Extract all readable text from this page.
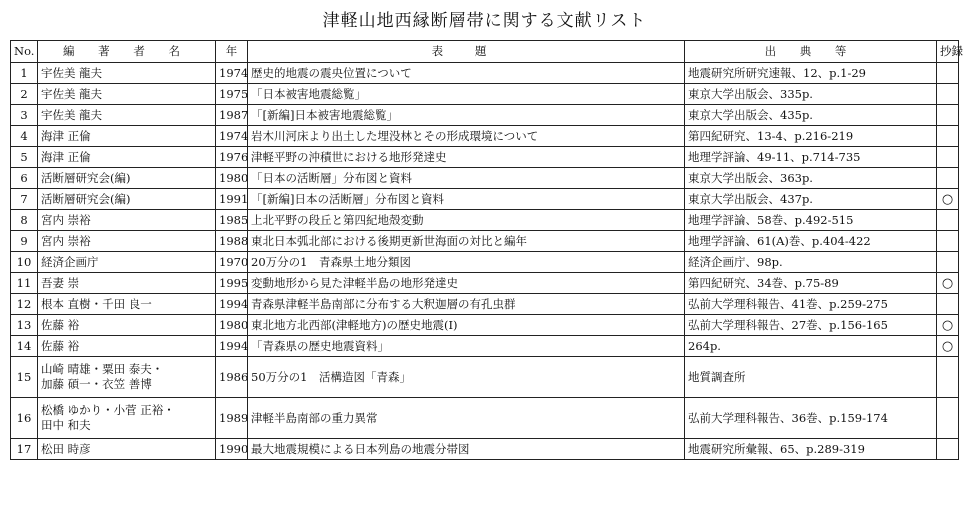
津軽山地西縁断層帯に関する文献リスト
No.	編 著 者 名	年	表 題	出 典 等	抄録
1	宇佐美 龍夫	1974	歴史的地震の震央位置について	地震研究所研究速報、12、p.1-29	
2	宇佐美 龍夫	1975	「日本被害地震総覧」	東京大学出版会、335p.	
3	宇佐美 龍夫	1987	「[新編]日本被害地震総覧」	東京大学出版会、435p.	
4	海津 正倫	1974	岩木川河床より出土した埋没林とその形成環境について	第四紀研究、13-4、p.216-219	
5	海津 正倫	1976	津軽平野の沖積世における地形発達史	地理学評論、49-11、p.714-735	
6	活断層研究会(編)	1980	「日本の活断層」分布図と資料	東京大学出版会、363p.	
7	活断層研究会(編)	1991	「[新編]日本の活断層」分布図と資料	東京大学出版会、437p.	○
8	宮内 崇裕	1985	上北平野の段丘と第四紀地殻変動	地理学評論、58巻、p.492-515	
9	宮内 崇裕	1988	東北日本弧北部における後期更新世海面の対比と編年	地理学評論、61(A)巻、p.404-422	
10	経済企画庁	1970	20万分の1　青森県土地分類図	経済企画庁、98p.	
11	吾妻 崇	1995	変動地形から見た津軽半島の地形発達史	第四紀研究、34巻、p.75-89	○
12	根本 直樹・千田 良一	1994	青森県津軽半島南部に分布する大釈迦層の有孔虫群	弘前大学理科報告、41巻、p.259-275	
13	佐藤 裕	1980	東北地方北西部(津軽地方)の歴史地震(Ⅰ)	弘前大学理科報告、27巻、p.156-165	○
14	佐藤 裕	1994	「青森県の歴史地震資料」	264p.	○
15	山崎 晴雄・粟田 泰夫・
加藤 碩一・衣笠 善博	1986	50万分の1　活構造図「青森」	地質調査所	
16	松橋 ゆかり・小菅 正裕・
田中 和夫	1989	津軽半島南部の重力異常	弘前大学理科報告、36巻、p.159-174	
17	松田 時彦	1990	最大地震規模による日本列島の地震分帯図	地震研究所彙報、65、p.289-319	
